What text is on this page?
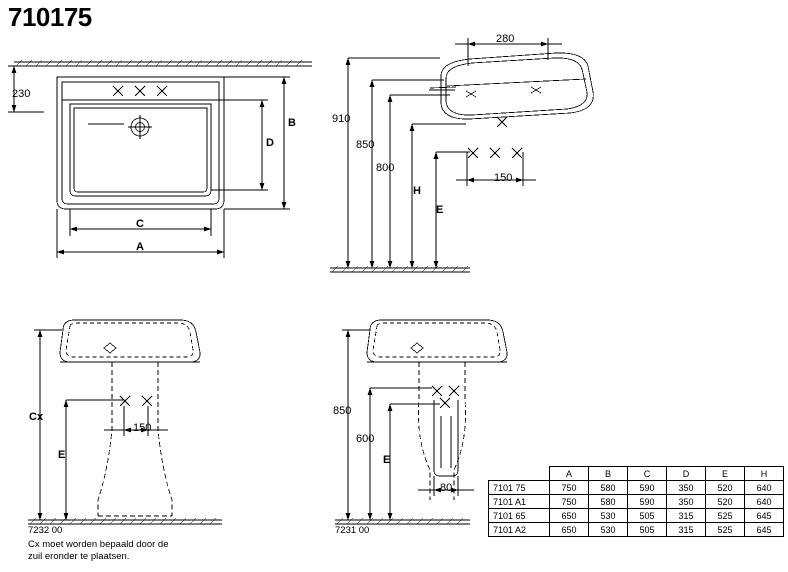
710175
230
A
B
C
D
280
910
850
800
150
H
E
Cx
E
150
7232 00
850
600
E
80
7231 00
Cx moet worden bepaald door de
zuil eronder te plaatsen.
	A	B	C	D	E	H
7101 75	750	580	590	350	520	640
7101 A1	750	580	590	350	520	640
7101 65	650	530	505	315	525	645
7101 A2	650	530	505	315	525	645
